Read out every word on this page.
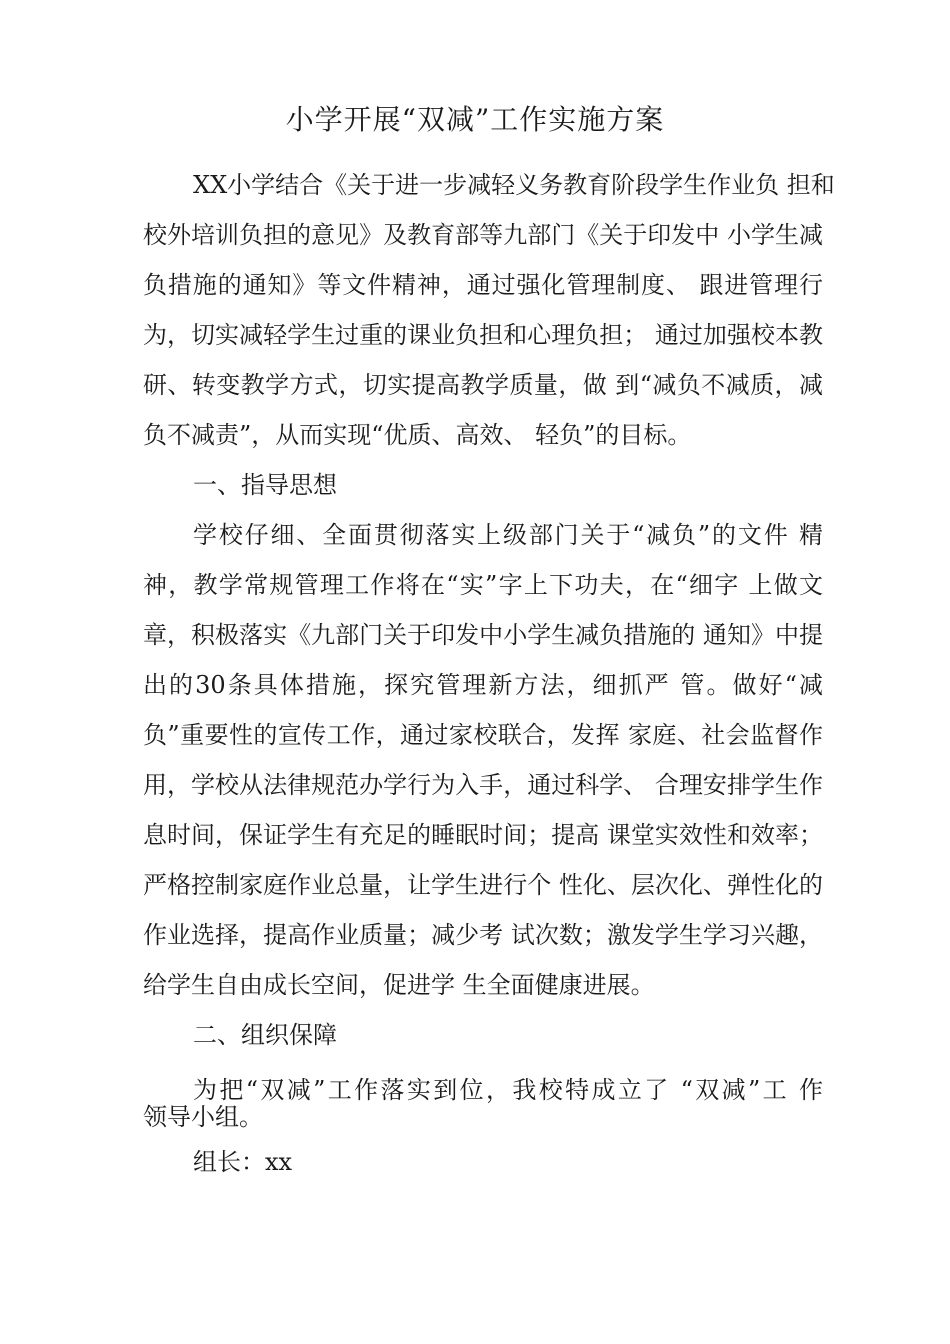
小学开展“双减”工作实施方案
XX小学结合《关于进一步减轻义务教育阶段学生作业负 担和
校外培训负担的意见》及教育部等九部门《关于印发中 小学生减
负措施的通知》等文件精神，通过强化管理制度、 跟进管理行
为，切实减轻学生过重的课业负担和心理负担； 通过加强校本教
研、转变教学方式，切实提高教学质量，做 到“减负不减质，减
负不减责”，从而实现“优质、高效、 轻负”的目标。
一、指导思想
学校仔细、全面贯彻落实上级部门关于“减负”的文件 精
神，教学常规管理工作将在“实”字上下功夫，在“细字 上做文
章，积极落实《九部门关于印发中小学生减负措施的 通知》中提
出的30条具体措施，探究管理新方法，细抓严 管。做好“减
负”重要性的宣传工作，通过家校联合，发挥 家庭、社会监督作
用，学校从法律规范办学行为入手，通过科学、 合理安排学生作
息时间，保证学生有充足的睡眠时间；提高 课堂实效性和效率；
严格控制家庭作业总量，让学生进行个 性化、层次化、弹性化的
作业选择，提高作业质量；减少考 试次数；激发学生学习兴趣，
给学生自由成长空间，促进学 生全面健康进展。
二、组织保障
为把“双减”工作落实到位，我校特成立了 “双减”工 作
领导小组。
组长：xx
